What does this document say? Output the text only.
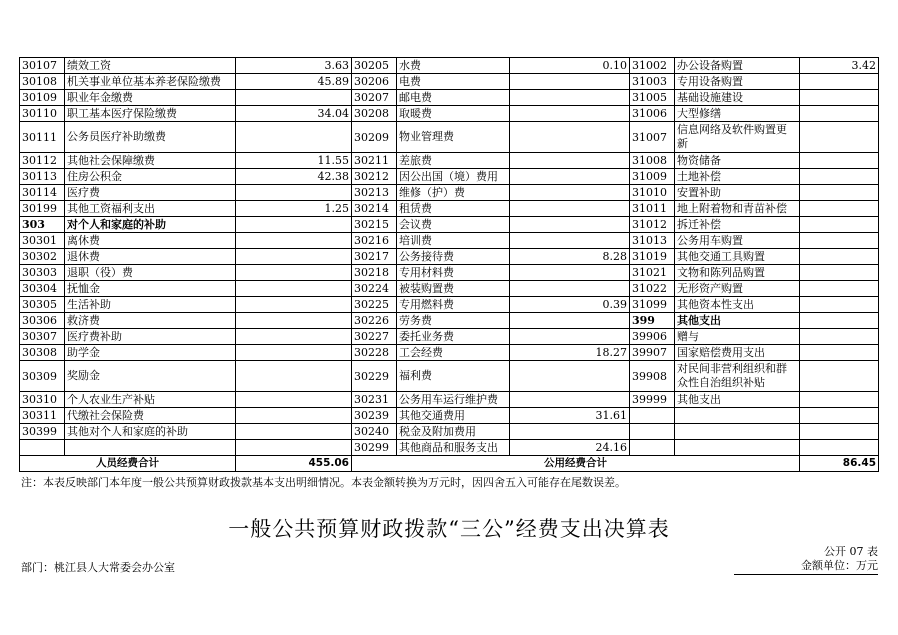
30107	绩效工资	3.63	30205	水费	0.10	31002	办公设备购置	3.42
30108	机关事业单位基本养老保险缴费	45.89	30206	电费		31003	专用设备购置	
30109	职业年金缴费		30207	邮电费		31005	基础设施建设	
30110	职工基本医疗保险缴费	34.04	30208	取暖费		31006	大型修缮	
30111	公务员医疗补助缴费		30209	物业管理费		31007	信息网络及软件购置更新	
30112	其他社会保障缴费	11.55	30211	差旅费		31008	物资储备	
30113	住房公积金	42.38	30212	因公出国（境）费用		31009	土地补偿	
30114	医疗费		30213	维修（护）费		31010	安置补助	
30199	其他工资福利支出	1.25	30214	租赁费		31011	地上附着物和青苗补偿	
303	对个人和家庭的补助		30215	会议费		31012	拆迁补偿	
30301	离休费		30216	培训费		31013	公务用车购置	
30302	退休费		30217	公务接待费	8.28	31019	其他交通工具购置	
30303	退职（役）费		30218	专用材料费		31021	文物和陈列品购置	
30304	抚恤金		30224	被装购置费		31022	无形资产购置	
30305	生活补助		30225	专用燃料费	0.39	31099	其他资本性支出	
30306	救济费		30226	劳务费		399	其他支出	
30307	医疗费补助		30227	委托业务费		39906	赠与	
30308	助学金		30228	工会经费	18.27	39907	国家赔偿费用支出	
30309	奖励金		30229	福利费		39908	对民间非营利组织和群众性自治组织补贴	
30310	个人农业生产补贴		30231	公务用车运行维护费		39999	其他支出	
30311	代缴社会保险费		30239	其他交通费用	31.61			
30399	其他对个人和家庭的补助		30240	税金及附加费用				
			30299	其他商品和服务支出	24.16			
人员经费合计		455.06	公用经费合计					86.45
注：本表反映部门本年度一般公共预算财政拨款基本支出明细情况。本表金额转换为万元时，因四舍五入可能存在尾数误差。
一般公共预算财政拨款“三公”经费支出决算表
公开 07 表
部门：桃江县人大常委会办公室	金额单位：万元
